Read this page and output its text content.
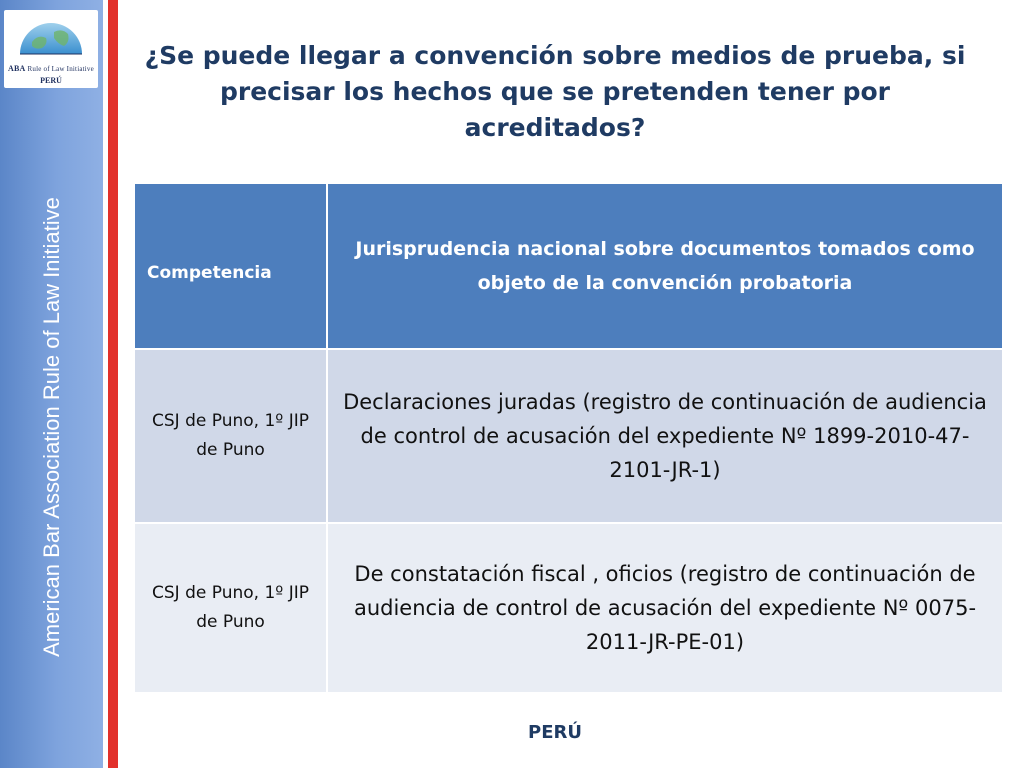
ABA Rule of Law Initiative
PERÚ
American Bar Association Rule of Law Initiative
¿Se puede llegar a convención sobre medios de prueba, si precisar los hechos que se pretenden tener por acreditados?
Competencia	Jurisprudencia nacional sobre documentos tomados como objeto de la convención probatoria
CSJ de Puno, 1º JIP de Puno	Declaraciones juradas (registro de continuación de audiencia de control de acusación del expediente Nº 1899-2010-47-2101-JR-1)
CSJ de Puno, 1º JIP de Puno	De constatación fiscal , oficios (registro de continuación de audiencia de control de acusación del expediente Nº 0075-2011-JR-PE-01)
PERÚ
